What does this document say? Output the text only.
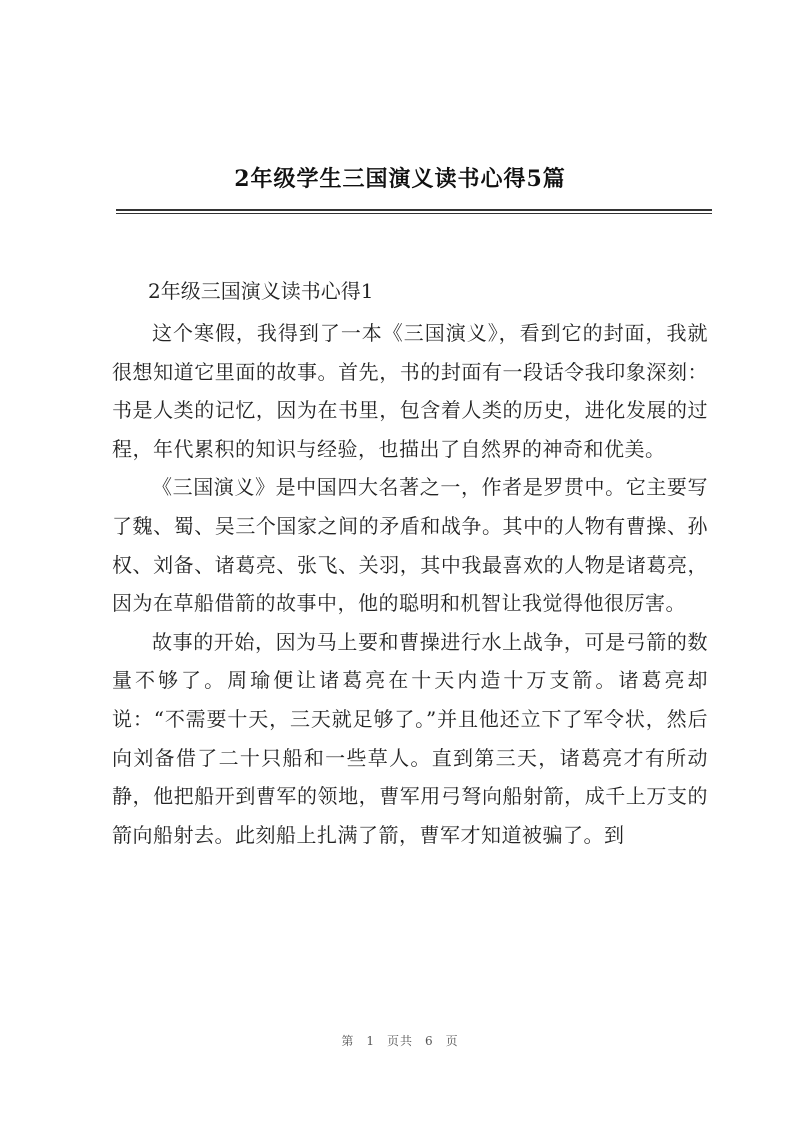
2年级学生三国演义读书心得5篇
2年级三国演义读书心得1

这个寒假，我得到了一本《三国演义》，看到它的封面，我就很想知道它里面的故事。首先，书的封面有一段话令我印象深刻：书是人类的记忆，因为在书里，包含着人类的历史，进化发展的过程，年代累积的知识与经验，也描出了自然界的神奇和优美。

《三国演义》是中国四大名著之一，作者是罗贯中。它主要写了魏、蜀、吴三个国家之间的矛盾和战争。其中的人物有曹操、孙权、刘备、诸葛亮、张飞、关羽，其中我最喜欢的人物是诸葛亮，因为在草船借箭的故事中，他的聪明和机智让我觉得他很厉害。

故事的开始，因为马上要和曹操进行水上战争，可是弓箭的数量不够了。周瑜便让诸葛亮在十天内造十万支箭。诸葛亮却说：“不需要十天，三天就足够了。”并且他还立下了军令状，然后向刘备借了二十只船和一些草人。直到第三天，诸葛亮才有所动静，他把船开到曹军的领地，曹军用弓弩向船射箭，成千上万支的箭向船射去。此刻船上扎满了箭，曹军才知道被骗了。到

第 1 页共 6 页
